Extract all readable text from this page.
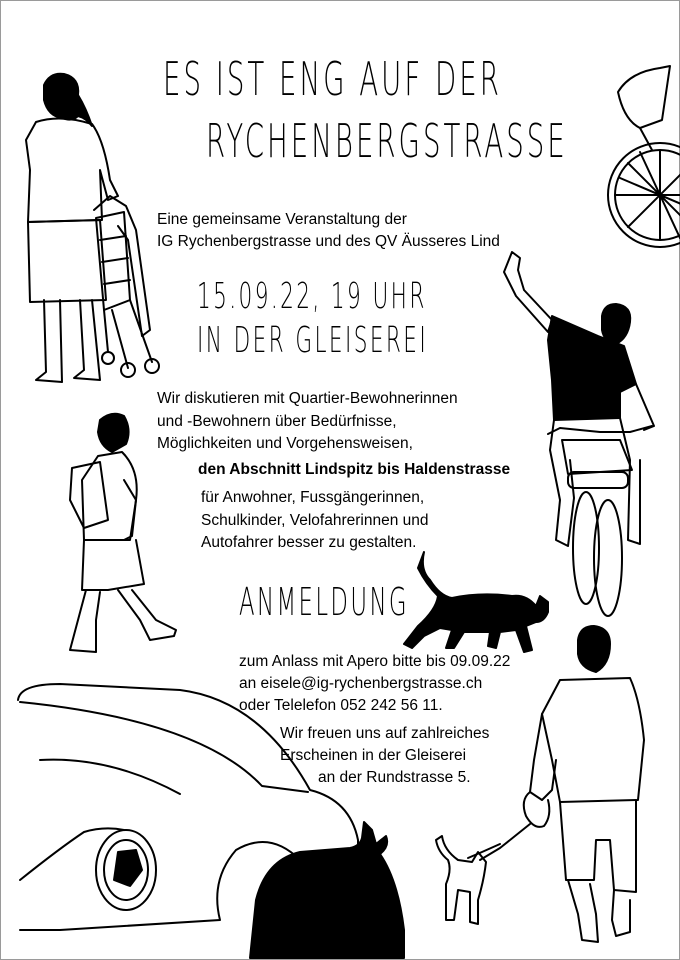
ES IST ENG AUF DER
RYCHENBERGSTRASSE
Eine gemeinsame Veranstaltung der
IG Rychenbergstrasse und des QV Äusseres Lind
15.09.22, 19 UHR
IN DER GLEISEREI
Wir diskutieren mit Quartier-Bewohnerinnen
und -Bewohnern über Bedürfnisse,
Möglichkeiten und Vorgehensweisen,
den Abschnitt Lindspitz bis Haldenstrasse
für Anwohner, Fussgängerinnen,
Schulkinder, Velofahrerinnen und
Autofahrer besser zu gestalten.
ANMELDUNG
zum Anlass mit Apero bitte bis 09.09.22
an eisele@ig-rychenbergstrasse.ch
oder Telelefon 052 242 56 11.
Wir freuen uns auf zahlreiches
Erscheinen in der Gleiserei
an der Rundstrasse 5.
